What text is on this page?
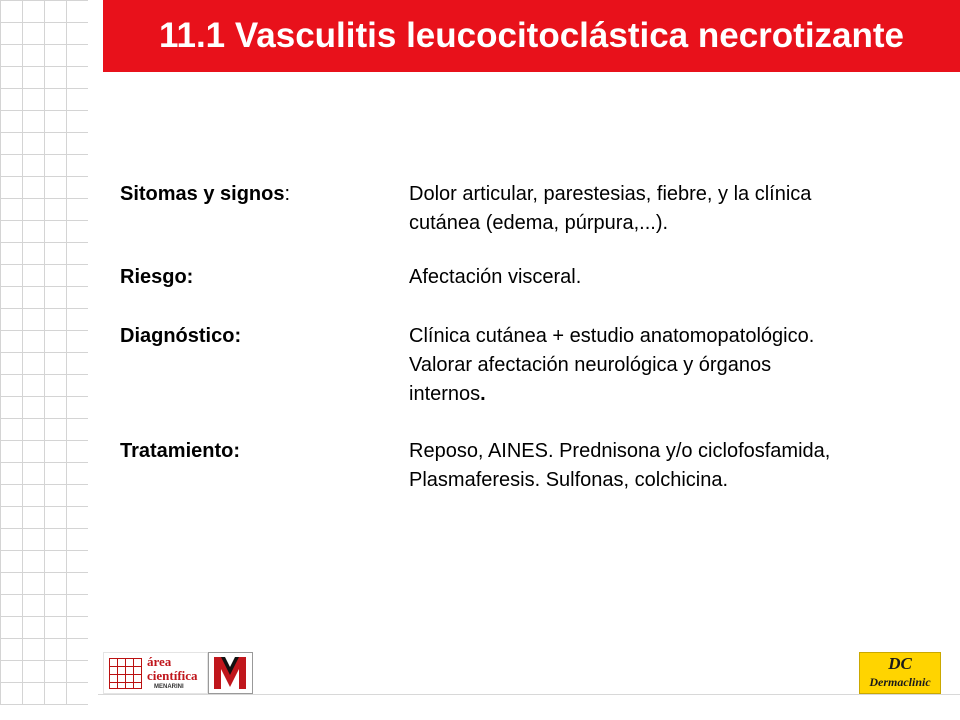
11.1 Vasculitis leucocitoclástica necrotizante
Sitomas y signos:	Dolor articular, parestesias, fiebre, y la clínica
cutánea (edema, púrpura,...).
Riesgo:	Afectación visceral.
Diagnóstico:	Clínica cutánea + estudio anatomopatológico.
Valorar afectación neurológica y órganos
internos.
Tratamiento:	Reposo, AINES. Prednisona y/o ciclofosfamida,
Plasmaferesis. Sulfonas, colchicina.
área
científica
MENARINI
DC
Dermaclinic
